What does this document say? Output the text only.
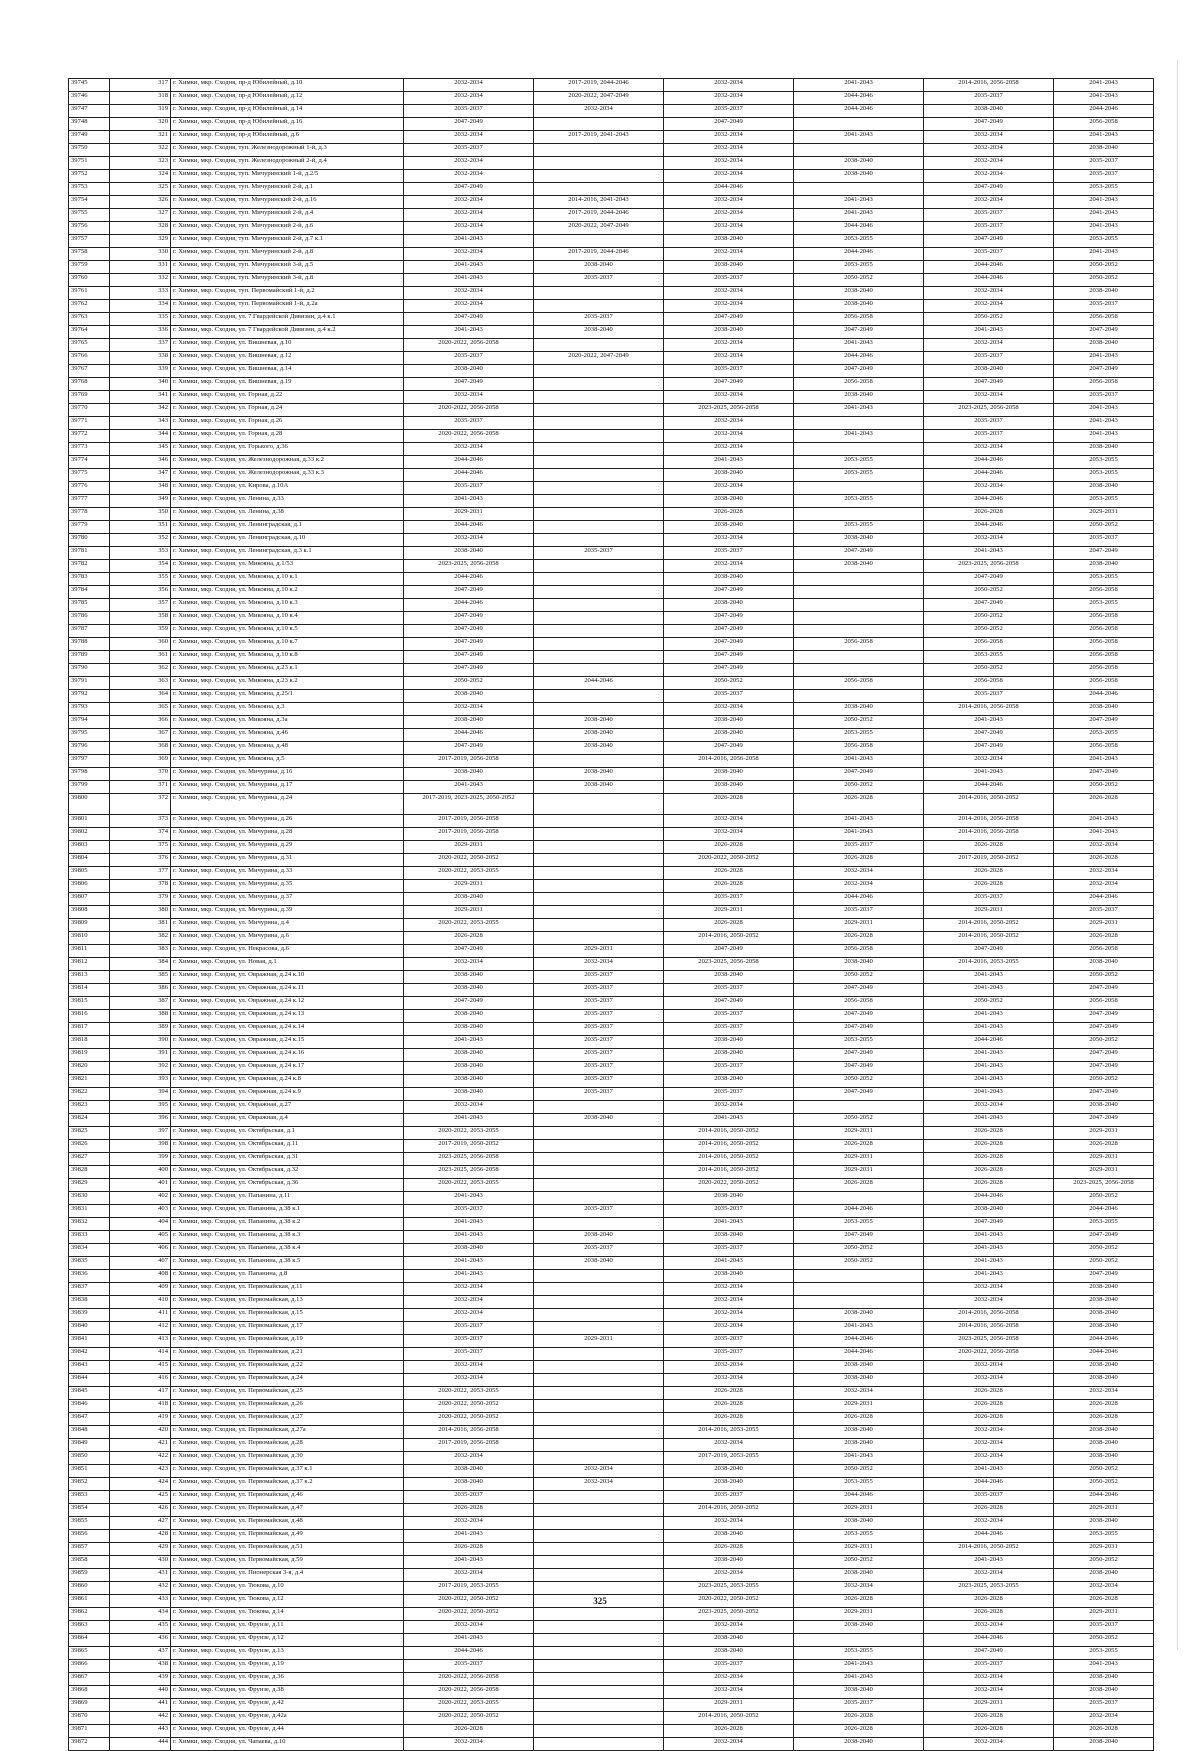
39745	317	г. Химки, мкр. Сходня, пр-д Юбилейный, д.10	2032-2034	2017-2019, 2044-2046	2032-2034	2041-2043	2014-2016, 2056-2058	2041-2043
39746	318	г. Химки, мкр. Сходня, пр-д Юбилейный, д.12	2032-2034	2020-2022, 2047-2049	2032-2034	2044-2046	2035-2037	2041-2043
39747	319	г. Химки, мкр. Сходня, пр-д Юбилейный, д.14	2035-2037	2032-2034	2035-2037	2044-2046	2038-2040	2044-2046
39748	320	г. Химки, мкр. Сходня, пр-д Юбилейный, д.16	2047-2049		2047-2049		2047-2049	2056-2058
39749	321	г. Химки, мкр. Сходня, пр-д Юбилейный, д.6	2032-2034	2017-2019, 2041-2043	2032-2034	2041-2043	2032-2034	2041-2043
39750	322	г. Химки, мкр. Сходня, туп. Железнодорожный 1-й, д.3	2035-2037		2032-2034		2032-2034	2038-2040
39751	323	г. Химки, мкр. Сходня, туп. Железнодорожный 2-й, д.4	2032-2034		2032-2034	2038-2040	2032-2034	2035-2037
39752	324	г. Химки, мкр. Сходня, туп. Мичуринский 1-й, д.2/5	2032-2034		2032-2034	2038-2040	2032-2034	2035-2037
39753	325	г. Химки, мкр. Сходня, туп. Мичуринский 2-й, д.1	2047-2049		2044-2046		2047-2049	2053-2055
39754	326	г. Химки, мкр. Сходня, туп. Мичуринский 2-й, д.16	2032-2034	2014-2016, 2041-2043	2032-2034	2041-2043	2032-2034	2041-2043
39755	327	г. Химки, мкр. Сходня, туп. Мичуринский 2-й, д.4	2032-2034	2017-2019, 2044-2046	2032-2034	2041-2043	2035-2037	2041-2043
39756	328	г. Химки, мкр. Сходня, туп. Мичуринский 2-й, д.6	2032-2034	2020-2022, 2047-2049	2032-2034	2044-2046	2035-2037	2041-2043
39757	329	г. Химки, мкр. Сходня, туп. Мичуринский 2-й, д.7 к.1	2041-2043		2038-2040	2053-2055	2047-2049	2053-2055
39758	330	г. Химки, мкр. Сходня, туп. Мичуринский 2-й, д.8	2032-2034	2017-2019, 2044-2046	2032-2034	2044-2046	2035-2037	2041-2043
39759	331	г. Химки, мкр. Сходня, туп. Мичуринский 3-й, д.5	2041-2043	2038-2040	2038-2040	2053-2055	2044-2046	2050-2052
39760	332	г. Химки, мкр. Сходня, туп. Мичуринский 3-й, д.8	2041-2043	2035-2037	2035-2037	2050-2052	2044-2046	2050-2052
39761	333	г. Химки, мкр. Сходня, туп. Первомайский 1-й, д.2	2032-2034		2032-2034	2038-2040	2032-2034	2038-2040
39762	334	г. Химки, мкр. Сходня, туп. Первомайский 1-й, д.2а	2032-2034		2032-2034	2038-2040	2032-2034	2035-2037
39763	335	г. Химки, мкр. Сходня, ул. 7 Гвардейской Дивизии, д.4 к.1	2047-2049	2035-2037	2047-2049	2056-2058	2050-2052	2056-2058
39764	336	г. Химки, мкр. Сходня, ул. 7 Гвардейской Дивизии, д.4 к.2	2041-2043	2038-2040	2038-2040	2047-2049	2041-2043	2047-2049
39765	337	г. Химки, мкр. Сходня, ул. Вишневая, д.10	2020-2022, 2056-2058		2032-2034	2041-2043	2032-2034	2038-2040
39766	338	г. Химки, мкр. Сходня, ул. Вишневая, д.12	2035-2037	2020-2022, 2047-2049	2032-2034	2044-2046	2035-2037	2041-2043
39767	339	г. Химки, мкр. Сходня, ул. Вишневая, д.14	2038-2040		2035-2037	2047-2049	2038-2040	2047-2049
39768	340	г. Химки, мкр. Сходня, ул. Вишневая, д.19	2047-2049		2047-2049	2056-2058	2047-2049	2056-2058
39769	341	г. Химки, мкр. Сходня, ул. Горная, д.22	2032-2034		2032-2034	2038-2040	2032-2034	2035-2037
39770	342	г. Химки, мкр. Сходня, ул. Горная, д.24	2020-2022, 2056-2058		2023-2025, 2056-2058	2041-2043	2023-2025, 2056-2058	2041-2043
39771	343	г. Химки, мкр. Сходня, ул. Горная, д.26	2035-2037		2032-2034		2035-2037	2041-2043
39772	344	г. Химки, мкр. Сходня, ул. Горная, д.28	2020-2022, 2056-2058		2032-2034	2041-2043	2035-2037	2041-2043
39773	345	г. Химки, мкр. Сходня, ул. Горького, д.36	2032-2034		2032-2034		2032-2034	2038-2040
39774	346	г. Химки, мкр. Сходня, ул. Железнодорожная, д.33 к.2	2044-2046		2041-2043	2053-2055	2044-2046	2053-2055
39775	347	г. Химки, мкр. Сходня, ул. Железнодорожная, д.33 к.3	2044-2046		2038-2040	2053-2055	2044-2046	2053-2055
39776	348	г. Химки, мкр. Сходня, ул. Кирова, д.10А	2035-2037		2032-2034		2032-2034	2038-2040
39777	349	г. Химки, мкр. Сходня, ул. Ленина, д.33	2041-2043		2038-2040	2053-2055	2044-2046	2053-2055
39778	350	г. Химки, мкр. Сходня, ул. Ленина, д.38	2029-2031		2026-2028		2026-2028	2029-2031
39779	351	г. Химки, мкр. Сходня, ул. Ленинградская, д.1	2044-2046		2038-2040	2053-2055	2044-2046	2050-2052
39780	352	г. Химки, мкр. Сходня, ул. Ленинградская, д.10	2032-2034		2032-2034	2038-2040	2032-2034	2035-2037
39781	353	г. Химки, мкр. Сходня, ул. Ленинградская, д.3 к.1	2038-2040	2035-2037	2035-2037	2047-2049	2041-2043	2047-2049
39782	354	г. Химки, мкр. Сходня, ул. Микояна, д.1/53	2023-2025, 2056-2058		2032-2034	2038-2040	2023-2025, 2056-2058	2038-2040
39783	355	г. Химки, мкр. Сходня, ул. Микояна, д.10 к.1	2044-2046		2038-2040		2047-2049	2053-2055
39784	356	г. Химки, мкр. Сходня, ул. Микояна, д.10 к.2	2047-2049		2047-2049		2050-2052	2056-2058
39785	357	г. Химки, мкр. Сходня, ул. Микояна, д.10 к.3	2044-2046		2038-2040		2047-2049	2053-2055
39786	358	г. Химки, мкр. Сходня, ул. Микояна, д.10 к.4	2047-2049		2047-2049		2050-2052	2056-2058
39787	359	г. Химки, мкр. Сходня, ул. Микояна, д.10 к.5	2047-2049		2047-2049		2050-2052	2056-2058
39788	360	г. Химки, мкр. Сходня, ул. Микояна, д.10 к.7	2047-2049		2047-2049	2056-2058	2056-2058	2056-2058
39789	361	г. Химки, мкр. Сходня, ул. Микояна, д.10 к.8	2047-2049		2047-2049		2053-2055	2056-2058
39790	362	г. Химки, мкр. Сходня, ул. Микояна, д.23 к.1	2047-2049		2047-2049		2050-2052	2056-2058
39791	363	г. Химки, мкр. Сходня, ул. Микояна, д.23 к.2	2050-2052	2044-2046	2050-2052	2056-2058	2056-2058	2056-2058
39792	364	г. Химки, мкр. Сходня, ул. Микояна, д.25/1	2038-2040		2035-2037		2035-2037	2044-2046
39793	365	г. Химки, мкр. Сходня, ул. Микояна, д.3	2032-2034		2032-2034	2038-2040	2014-2016, 2056-2058	2038-2040
39794	366	г. Химки, мкр. Сходня, ул. Микояна, д.3а	2038-2040	2038-2040	2038-2040	2050-2052	2041-2043	2047-2049
39795	367	г. Химки, мкр. Сходня, ул. Микояна, д.46	2044-2046	2038-2040	2038-2040	2053-2055	2047-2049	2053-2055
39796	368	г. Химки, мкр. Сходня, ул. Микояна, д.48	2047-2049	2038-2040	2047-2049	2056-2058	2047-2049	2056-2058
39797	369	г. Химки, мкр. Сходня, ул. Микояна, д.5	2017-2019, 2056-2058		2014-2016, 2056-2058	2041-2043	2032-2034	2041-2043
39798	370	г. Химки, мкр. Сходня, ул. Мичурина, д.16	2038-2040	2038-2040	2038-2040	2047-2049	2041-2043	2047-2049
39799	371	г. Химки, мкр. Сходня, ул. Мичурина, д.17	2041-2043	2038-2040	2038-2040	2050-2052	2044-2046	2050-2052
39800	372	г. Химки, мкр. Сходня, ул. Мичурина, д.24	2017-2019, 2023-2025, 2050-2052		2026-2028	2026-2028	2014-2016, 2050-2052	2026-2028
39801	373	г. Химки, мкр. Сходня, ул. Мичурина, д.26	2017-2019, 2056-2058		2032-2034	2041-2043	2014-2016, 2056-2058	2041-2043
39802	374	г. Химки, мкр. Сходня, ул. Мичурина, д.28	2017-2019, 2056-2058		2032-2034	2041-2043	2014-2016, 2056-2058	2041-2043
39803	375	г. Химки, мкр. Сходня, ул. Мичурина, д.29	2029-2031		2026-2028	2035-2037	2026-2028	2032-2034
39804	376	г. Химки, мкр. Сходня, ул. Мичурина, д.31	2020-2022, 2050-2052		2020-2022, 2050-2052	2026-2028	2017-2019, 2050-2052	2026-2028
39805	377	г. Химки, мкр. Сходня, ул. Мичурина, д.33	2020-2022, 2053-2055		2026-2028	2032-2034	2026-2028	2032-2034
39806	378	г. Химки, мкр. Сходня, ул. Мичурина, д.35	2029-2031		2026-2028	2032-2034	2026-2028	2032-2034
39807	379	г. Химки, мкр. Сходня, ул. Мичурина, д.37	2038-2040		2035-2037	2044-2046	2035-2037	2044-2046
39808	380	г. Химки, мкр. Сходня, ул. Мичурина, д.39	2029-2031		2029-2031	2035-2037	2029-2031	2035-2037
39809	381	г. Химки, мкр. Сходня, ул. Мичурина, д.4	2020-2022, 2053-2055		2026-2028	2029-2031	2014-2016, 2050-2052	2029-2031
39810	382	г. Химки, мкр. Сходня, ул. Мичурина, д.6	2026-2028		2014-2016, 2050-2052	2026-2028	2014-2016, 2050-2052	2026-2028
39811	383	г. Химки, мкр. Сходня, ул. Некрасова, д.6	2047-2049	2029-2031	2047-2049	2056-2058	2047-2049	2056-2058
39812	384	г. Химки, мкр. Сходня, ул. Новая, д.1	2032-2034	2032-2034	2023-2025, 2056-2058	2038-2040	2014-2016, 2053-2055	2038-2040
39813	385	г. Химки, мкр. Сходня, ул. Овражная, д.24 к.10	2038-2040	2035-2037	2038-2040	2050-2052	2041-2043	2050-2052
39814	386	г. Химки, мкр. Сходня, ул. Овражная, д.24 к.11	2038-2040	2035-2037	2035-2037	2047-2049	2041-2043	2047-2049
39815	387	г. Химки, мкр. Сходня, ул. Овражная, д.24 к.12	2047-2049	2035-2037	2047-2049	2056-2058	2050-2052	2056-2058
39816	388	г. Химки, мкр. Сходня, ул. Овражная, д.24 к.13	2038-2040	2035-2037	2035-2037	2047-2049	2041-2043	2047-2049
39817	389	г. Химки, мкр. Сходня, ул. Овражная, д.24 к.14	2038-2040	2035-2037	2035-2037	2047-2049	2041-2043	2047-2049
39818	390	г. Химки, мкр. Сходня, ул. Овражная, д.24 к.15	2041-2043	2035-2037	2038-2040	2053-2055	2044-2046	2050-2052
39819	391	г. Химки, мкр. Сходня, ул. Овражная, д.24 к.16	2038-2040	2035-2037	2038-2040	2047-2049	2041-2043	2047-2049
39820	392	г. Химки, мкр. Сходня, ул. Овражная, д.24 к.17	2038-2040	2035-2037	2035-2037	2047-2049	2041-2043	2047-2049
39821	393	г. Химки, мкр. Сходня, ул. Овражная, д.24 к.8	2038-2040	2035-2037	2038-2040	2050-2052	2041-2043	2050-2052
39822	394	г. Химки, мкр. Сходня, ул. Овражная, д.24 к.9	2038-2040	2035-2037	2035-2037	2047-2049	2041-2043	2047-2049
39823	395	г. Химки, мкр. Сходня, ул. Овражная, д.27	2032-2034		2032-2034		2032-2034	2038-2040
39824	396	г. Химки, мкр. Сходня, ул. Овражная, д.4	2041-2043	2038-2040	2041-2043	2050-2052	2041-2043	2047-2049
39825	397	г. Химки, мкр. Сходня, ул. Октябрьская, д.1	2020-2022, 2053-2055		2014-2016, 2050-2052	2029-2031	2026-2028	2029-2031
39826	398	г. Химки, мкр. Сходня, ул. Октябрьская, д.11	2017-2019, 2050-2052		2014-2016, 2050-2052	2026-2028	2026-2028	2026-2028
39827	399	г. Химки, мкр. Сходня, ул. Октябрьская, д.31	2023-2025, 2056-2058		2014-2016, 2050-2052	2029-2031	2026-2028	2029-2031
39828	400	г. Химки, мкр. Сходня, ул. Октябрьская, д.32	2023-2025, 2056-2058		2014-2016, 2050-2052	2029-2031	2026-2028	2029-2031
39829	401	г. Химки, мкр. Сходня, ул. Октябрьская, д.36	2020-2022, 2053-2055		2020-2022, 2050-2052	2026-2028	2026-2028	2023-2025, 2056-2058
39830	402	г. Химки, мкр. Сходня, ул. Папанина, д.11	2041-2043		2038-2040		2044-2046	2050-2052
39831	403	г. Химки, мкр. Сходня, ул. Папанина, д.38 к.1	2035-2037	2035-2037	2035-2037	2044-2046	2038-2040	2044-2046
39832	404	г. Химки, мкр. Сходня, ул. Папанина, д.38 к.2	2041-2043		2041-2043	2053-2055	2047-2049	2053-2055
39833	405	г. Химки, мкр. Сходня, ул. Папанина, д.38 к.3	2041-2043	2038-2040	2038-2040	2047-2049	2041-2043	2047-2049
39834	406	г. Химки, мкр. Сходня, ул. Папанина, д.38 к.4	2038-2040	2035-2037	2035-2037	2050-2052	2041-2043	2050-2052
39835	407	г. Химки, мкр. Сходня, ул. Папанина, д.38 к.5	2041-2043	2038-2040	2041-2043	2050-2052	2041-2043	2050-2052
39836	408	г. Химки, мкр. Сходня, ул. Папанина, д.8	2041-2043		2038-2040		2041-2043	2047-2049
39837	409	г. Химки, мкр. Сходня, ул. Первомайская, д.11	2032-2034		2032-2034		2032-2034	2038-2040
39838	410	г. Химки, мкр. Сходня, ул. Первомайская, д.13	2032-2034		2032-2034		2032-2034	2038-2040
39839	411	г. Химки, мкр. Сходня, ул. Первомайская, д.15	2032-2034		2032-2034	2038-2040	2014-2016, 2056-2058	2038-2040
39840	412	г. Химки, мкр. Сходня, ул. Первомайская, д.17	2035-2037		2032-2034	2041-2043	2014-2016, 2056-2058	2038-2040
39841	413	г. Химки, мкр. Сходня, ул. Первомайская, д.19	2035-2037	2029-2031	2035-2037	2044-2046	2023-2025, 2056-2058	2044-2046
39842	414	г. Химки, мкр. Сходня, ул. Первомайская, д.21	2035-2037		2035-2037	2044-2046	2020-2022, 2056-2058	2044-2046
39843	415	г. Химки, мкр. Сходня, ул. Первомайская, д.22	2032-2034		2032-2034	2038-2040	2032-2034	2038-2040
39844	416	г. Химки, мкр. Сходня, ул. Первомайская, д.24	2032-2034		2032-2034	2038-2040	2032-2034	2038-2040
39845	417	г. Химки, мкр. Сходня, ул. Первомайская, д.25	2020-2022, 2053-2055		2026-2028	2032-2034	2026-2028	2032-2034
39846	418	г. Химки, мкр. Сходня, ул. Первомайская, д.26	2020-2022, 2050-2052		2026-2028	2029-2031	2026-2028	2026-2028
39847	419	г. Химки, мкр. Сходня, ул. Первомайская, д.27	2020-2022, 2050-2052		2026-2028	2026-2028	2026-2028	2026-2028
39848	420	г. Химки, мкр. Сходня, ул. Первомайская, д.27а	2014-2016, 2056-2058		2014-2016, 2053-2055	2038-2040	2032-2034	2038-2040
39849	421	г. Химки, мкр. Сходня, ул. Первомайская, д.28	2017-2019, 2056-2058		2032-2034	2038-2040	2032-2034	2038-2040
39850	422	г. Химки, мкр. Сходня, ул. Первомайская, д.30	2032-2034		2017-2019, 2053-2055	2041-2043	2032-2034	2038-2040
39851	423	г. Химки, мкр. Сходня, ул. Первомайская, д.37 к.1	2038-2040	2032-2034	2038-2040	2050-2052	2041-2043	2050-2052
39852	424	г. Химки, мкр. Сходня, ул. Первомайская, д.37 к.2	2038-2040	2032-2034	2038-2040	2053-2055	2044-2046	2050-2052
39853	425	г. Химки, мкр. Сходня, ул. Первомайская, д.46	2035-2037		2035-2037	2044-2046	2035-2037	2044-2046
39854	426	г. Химки, мкр. Сходня, ул. Первомайская, д.47	2026-2028		2014-2016, 2050-2052	2029-2031	2026-2028	2029-2031
39855	427	г. Химки, мкр. Сходня, ул. Первомайская, д.48	2032-2034		2032-2034	2038-2040	2032-2034	2038-2040
39856	428	г. Химки, мкр. Сходня, ул. Первомайская, д.49	2041-2043		2038-2040	2053-2055	2044-2046	2053-2055
39857	429	г. Химки, мкр. Сходня, ул. Первомайская, д.51	2026-2028		2026-2028	2029-2031	2014-2016, 2050-2052	2029-2031
39858	430	г. Химки, мкр. Сходня, ул. Первомайская, д.59	2041-2043		2038-2040	2050-2052	2041-2043	2050-2052
39859	431	г. Химки, мкр. Сходня, ул. Пионерская 3-я, д.4	2032-2034		2032-2034	2038-2040	2032-2034	2038-2040
39860	432	г. Химки, мкр. Сходня, ул. Тюкова, д.10	2017-2019, 2053-2055		2023-2025, 2053-2055	2032-2034	2023-2025, 2053-2055	2032-2034
39861	433	г. Химки, мкр. Сходня, ул. Тюкова, д.12	2020-2022, 2050-2052		2020-2022, 2050-2052	2026-2028	2026-2028	2026-2028
39862	434	г. Химки, мкр. Сходня, ул. Тюкова, д.14	2020-2022, 2050-2052		2023-2025, 2050-2052	2029-2031	2026-2028	2029-2031
39863	435	г. Химки, мкр. Сходня, ул. Фрунзе, д.11	2032-2034		2032-2034	2038-2040	2032-2034	2035-2037
39864	436	г. Химки, мкр. Сходня, ул. Фрунзе, д.12	2041-2043		2038-2040		2044-2046	2050-2052
39865	437	г. Химки, мкр. Сходня, ул. Фрунзе, д.13	2044-2046		2038-2040	2053-2055	2047-2049	2053-2055
39866	438	г. Химки, мкр. Сходня, ул. Фрунзе, д.19	2035-2037		2035-2037	2041-2043	2035-2037	2041-2043
39867	439	г. Химки, мкр. Сходня, ул. Фрунзе, д.36	2020-2022, 2056-2058		2032-2034	2041-2043	2032-2034	2038-2040
39868	440	г. Химки, мкр. Сходня, ул. Фрунзе, д.38	2020-2022, 2056-2058		2032-2034	2038-2040	2032-2034	2038-2040
39869	441	г. Химки, мкр. Сходня, ул. Фрунзе, д.42	2020-2022, 2053-2055		2029-2031	2035-2037	2029-2031	2035-2037
39870	442	г. Химки, мкр. Сходня, ул. Фрунзе, д.42а	2020-2022, 2050-2052		2014-2016, 2050-2052	2026-2028	2026-2028	2032-2034
39871	443	г. Химки, мкр. Сходня, ул. Фрунзе, д.44	2026-2028		2026-2028	2026-2028	2026-2028	2026-2028
39872	444	г. Химки, мкр. Сходня, ул. Чапаева, д.10	2032-2034		2032-2034	2038-2040	2032-2034	2038-2040
325
